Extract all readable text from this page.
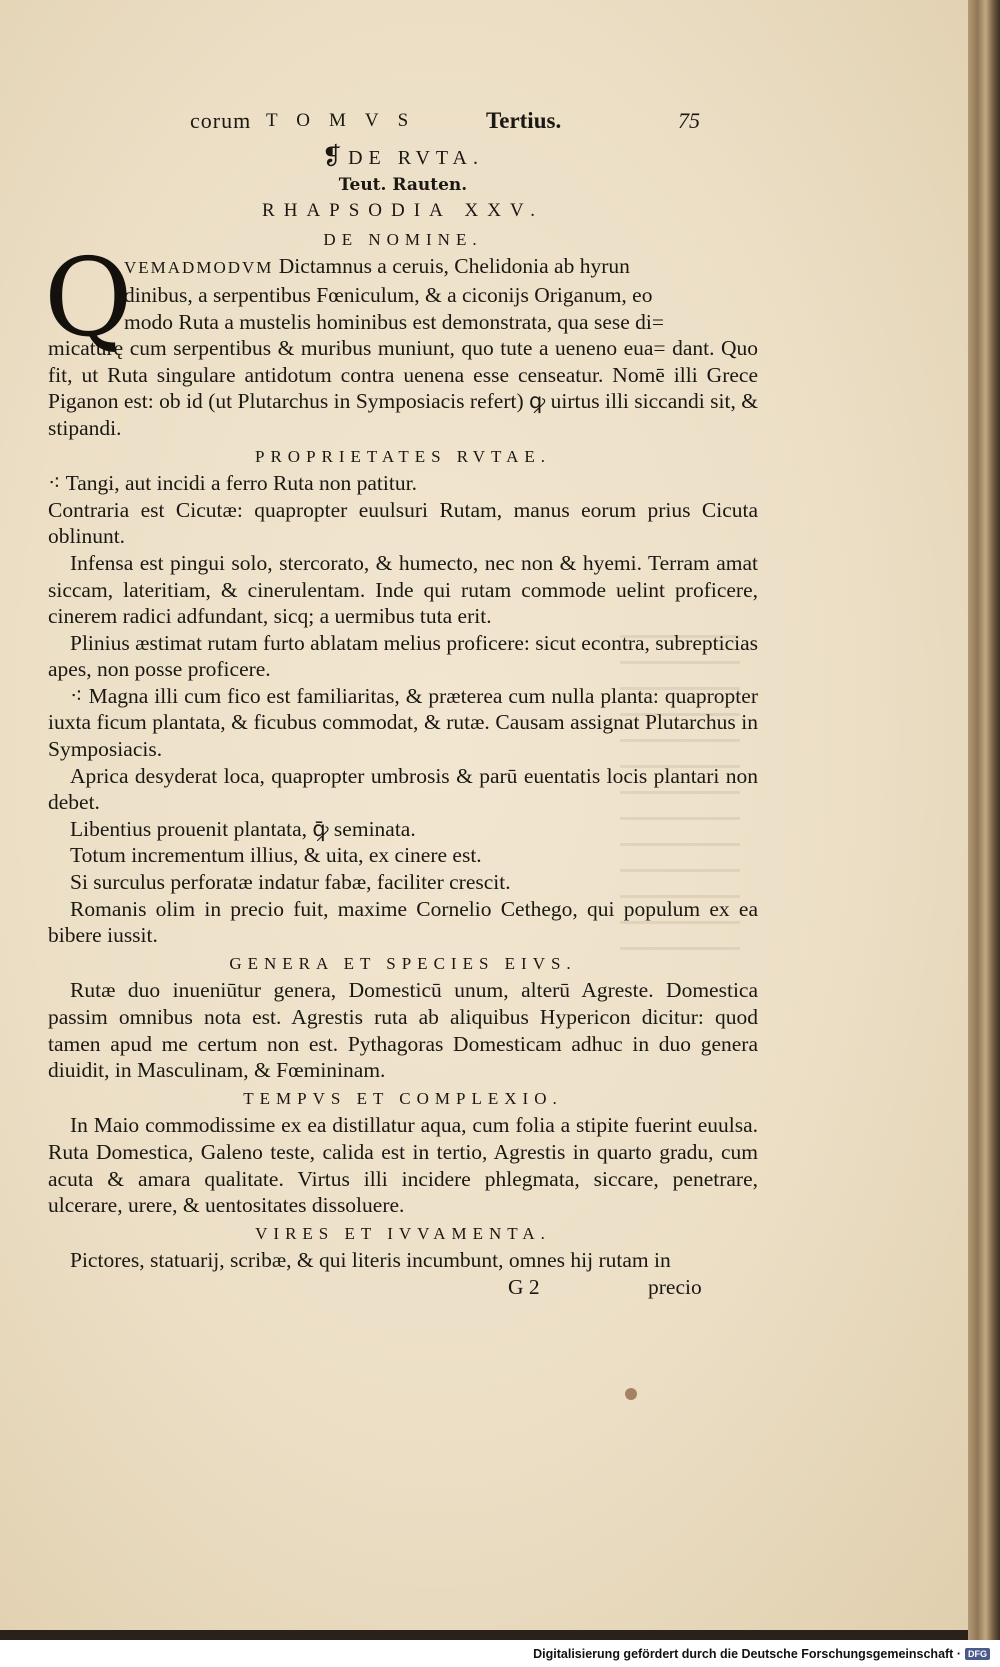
corum TOMVS	Tertius.	75
❡ DE RVTA.
Teut. Rauten.
RHAPSODIA XXV.
DE NOMINE.
Q
VEMADMODVM Dictamnus a ceruis, Chelidonia ab hyrun
dinibus, a serpentibus Fœniculum, & a ciconijs Origanum, eo
modo Ruta a mustelis hominibus est demonstrata, qua sese di=

micaturę cum serpentibus & muribus muniunt, quo tute a ueneno eua= dant. Quo fit, ut Ruta singulare antidotum contra uenena esse censeatur. Nomē illi Grece Piganon est: ob id (ut Plutarchus in Symposiacis refert) ꝙ uirtus illi siccandi sit, & stipandi.

PROPRIETATES RVTAE.

⁖ Tangi, aut incidi a ferro Ruta non patitur.

Contraria est Cicutæ: quapropter euulsuri Rutam, manus eorum prius Cicuta oblinunt.

Infensa est pingui solo, stercorato, & humecto, nec non & hyemi. Terram amat siccam, lateritiam, & cinerulentam. Inde qui rutam commode uelint proficere, cinerem radici adfundant, sicq; a uermibus tuta erit.

Plinius æstimat rutam furto ablatam melius proficere: sicut econtra, subrepticias apes, non posse proficere.

⁖ Magna illi cum fico est familiaritas, & præterea cum nulla planta: quapropter iuxta ficum plantata, & ficubus commodat, & rutæ. Causam assignat Plutarchus in Symposiacis.

Aprica desyderat loca, quapropter umbrosis & parū euentatis locis plantari non debet.

Libentius prouenit plantata, ꝙ̄ seminata.

Totum incrementum illius, & uita, ex cinere est.

Si surculus perforatæ indatur fabæ, faciliter crescit.

Romanis olim in precio fuit, maxime Cornelio Cethego, qui populum ex ea bibere iussit.

GENERA ET SPECIES EIVS.

Rutæ duo inueniūtur genera, Domesticū unum, alterū Agreste. Domestica passim omnibus nota est. Agrestis ruta ab aliquibus Hypericon dicitur: quod tamen apud me certum non est. Pythagoras Domesticam adhuc in duo genera diuidit, in Masculinam, & Fœmininam.

TEMPVS ET COMPLEXIO.

In Maio commodissime ex ea distillatur aqua, cum folia a stipite fuerint euulsa. Ruta Domestica, Galeno teste, calida est in tertio, Agrestis in quarto gradu, cum acuta & amara qualitate. Virtus illi incidere phlegmata, siccare, penetrare, ulcerare, urere, & uentositates dissoluere.

VIRES ET IVVAMENTA.

Pictores, statuarij, scribæ, & qui literis incumbunt, omnes hij rutam in

G 2	precio
Digitalisierung gefördert durch die Deutsche Forschungsgemeinschaft · DFG
